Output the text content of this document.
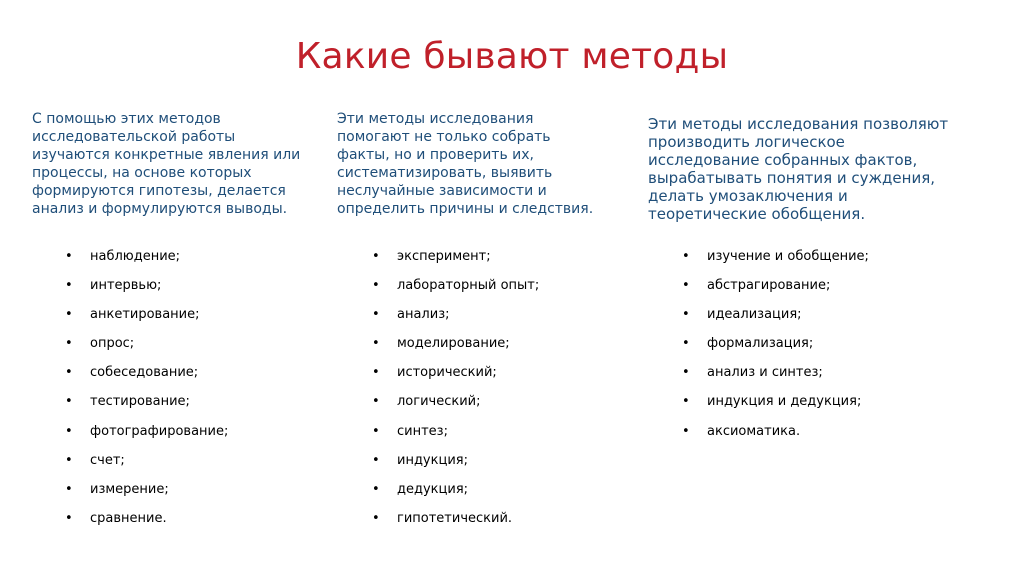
Какие бывают методы

С помощью этих методов
исследовательской работы
изучаются конкретные явления или
процессы, на основе которых
формируются гипотезы, делается
анализ и формулируются выводы.

• наблюдение;
• интервью;
• анкетирование;
• опрос;
• собеседование;
• тестирование;
• фотографирование;
• счет;
• измерение;
• сравнение.

Эти методы исследования
помогают не только собрать
факты, но и проверить их,
систематизировать, выявить
неслучайные зависимости и
определить причины и следствия.

• эксперимент;
• лабораторный опыт;
• анализ;
• моделирование;
• исторический;
• логический;
• синтез;
• индукция;
• дедукция;
• гипотетический.

Эти методы исследования позволяют
производить логическое
исследование собранных фактов,
вырабатывать понятия и суждения,
делать умозаключения и
теоретические обобщения.

• изучение и обобщение;
• абстрагирование;
• идеализация;
• формализация;
• анализ и синтез;
• индукция и дедукция;
• аксиоматика.
